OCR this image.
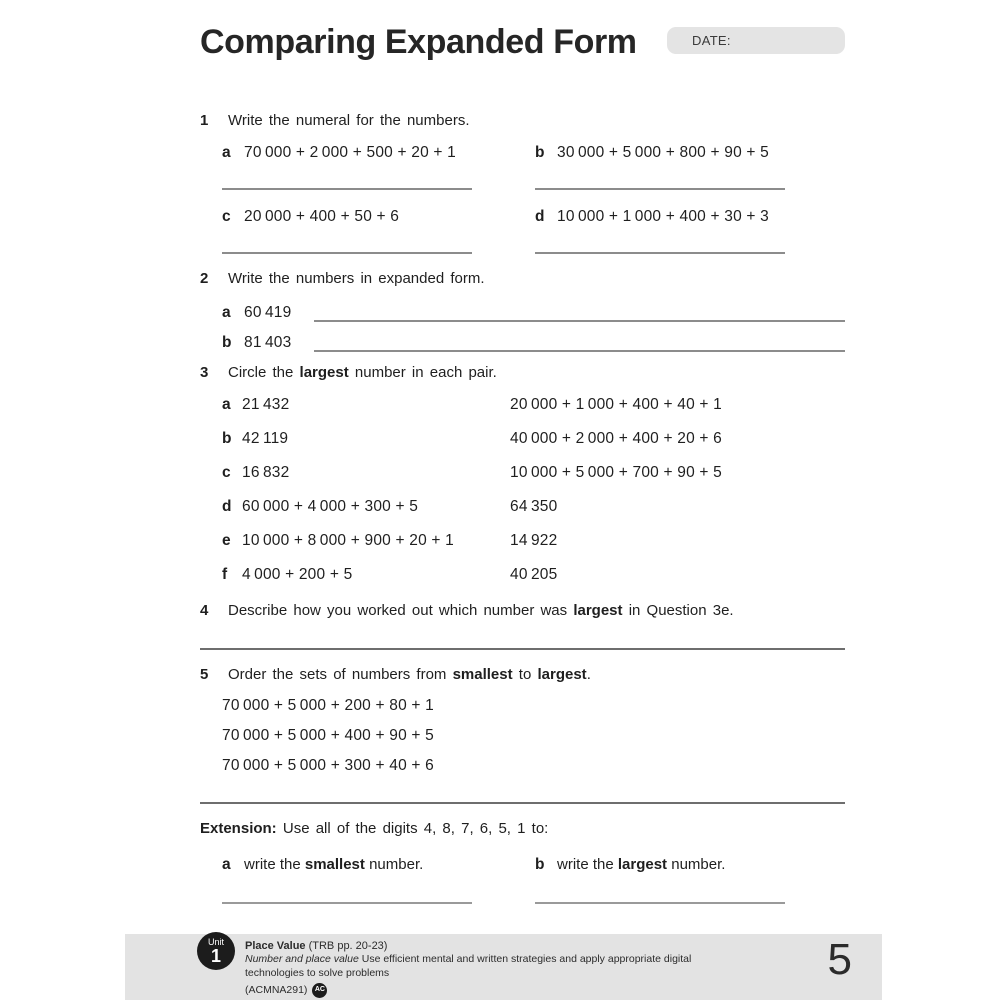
Comparing Expanded Form	DATE:
1	Write the numeral for the numbers.
a 70 000 + 2 000 + 500 + 20 + 1	b 30 000 + 5 000 + 800 + 90 + 5
c 20 000 + 400 + 50 + 6	d 10 000 + 1 000 + 400 + 30 + 3
2	Write the numbers in expanded form.
a 60 419
b 81 403
3	Circle the largest number in each pair.
a 21 432	20 000 + 1 000 + 400 + 40 + 1
b 42 119	40 000 + 2 000 + 400 + 20 + 6
c 16 832	10 000 + 5 000 + 700 + 90 + 5
d 60 000 + 4 000 + 300 + 5	64 350
e 10 000 + 8 000 + 900 + 20 + 1	14 922
f 4 000 + 200 + 5	40 205
4	Describe how you worked out which number was largest in Question 3e.
5	Order the sets of numbers from smallest to largest.
70 000 + 5 000 + 200 + 80 + 1
70 000 + 5 000 + 400 + 90 + 5
70 000 + 5 000 + 300 + 40 + 6
Extension: Use all of the digits 4, 8, 7, 6, 5, 1 to:
a write the smallest number.	b write the largest number.
Unit
1	Place Value (TRB pp. 20-23)
Number and place value Use efficient mental and written strategies and apply appropriate digital technologies to solve problems
(ACMNA291)	AC
5
